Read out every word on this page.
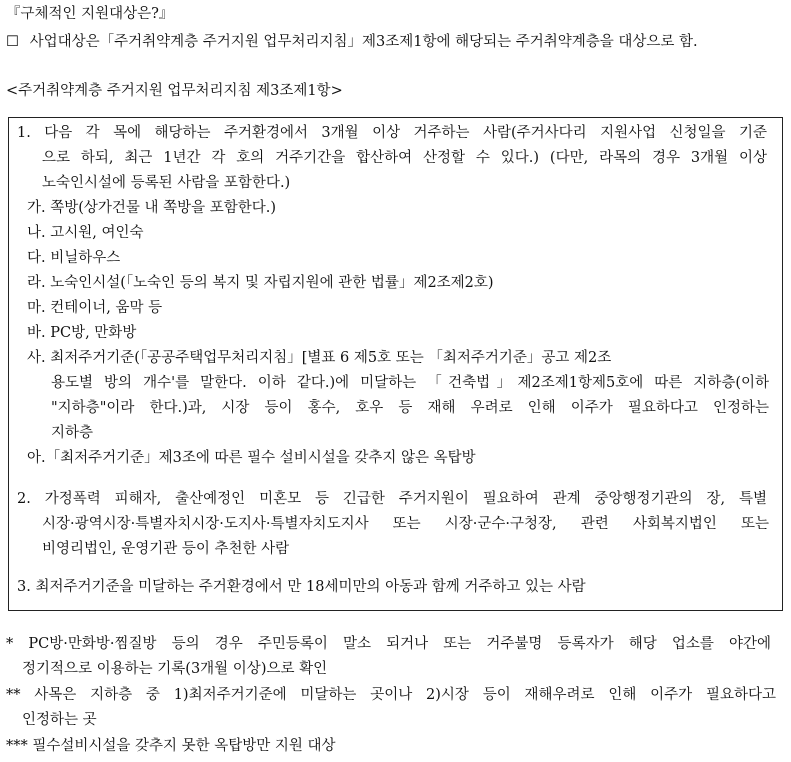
『구체적인 지원대상은?』
☐ 사업대상은「주거취약계층 주거지원 업무처리지침」제3조제1항에 해당되는 주거취약계층을 대상으로 함.
<주거취약계층 주거지원 업무처리지침 제3조제1항>
1. 다음 각 목에 해당하는 주거환경에서 3개월 이상 거주하는 사람(주거사다리 지원사업 신청일을 기준
으로 하되, 최근 1년간 각 호의 거주기간을 합산하여 산정할 수 있다.) (다만, 라목의 경우 3개월 이상
노숙인시설에 등록된 사람을 포함한다.)
가. 쪽방(상가건물 내 쪽방을 포함한다.)
나. 고시원, 여인숙
다. 비닐하우스
라. 노숙인시설(「노숙인 등의 복지 및 자립지원에 관한 법률」제2조제2호)
마. 컨테이너, 움막 등
바. PC방, 만화방
사. 최저주거기준(「공공주택업무처리지침」[별표 6 제5호 또는 「최저주거기준」공고 제2조
용도별 방의 개수'를 말한다. 이하 같다.)에 미달하는 「건축법」제2조제1항제5호에 따른 지하층(이하
"지하층"이라 한다.)과, 시장 등이 홍수, 호우 등 재해 우려로 인해 이주가 필요하다고 인정하는
지하층
아.「최저주거기준」제3조에 따른 필수 설비시설을 갖추지 않은 옥탑방
2. 가정폭력 피해자, 출산예정인 미혼모 등 긴급한 주거지원이 필요하여 관계 중앙행정기관의 장, 특별
시장·광역시장·특별자치시장·도지사·특별자치도지사 또는 시장·군수·구청장, 관련 사회복지법인 또는
비영리법인, 운영기관 등이 추천한 사람
3. 최저주거기준을 미달하는 주거환경에서 만 18세미만의 아동과 함께 거주하고 있는 사람
* PC방·만화방·찜질방 등의 경우 주민등록이 말소 되거나 또는 거주불명 등록자가 해당 업소를 야간에
정기적으로 이용하는 기록(3개월 이상)으로 확인
** 사목은 지하층 중 1)최저주거기준에 미달하는 곳이나 2)시장 등이 재해우려로 인해 이주가 필요하다고
인정하는 곳
*** 필수설비시설을 갖추지 못한 옥탑방만 지원 대상
